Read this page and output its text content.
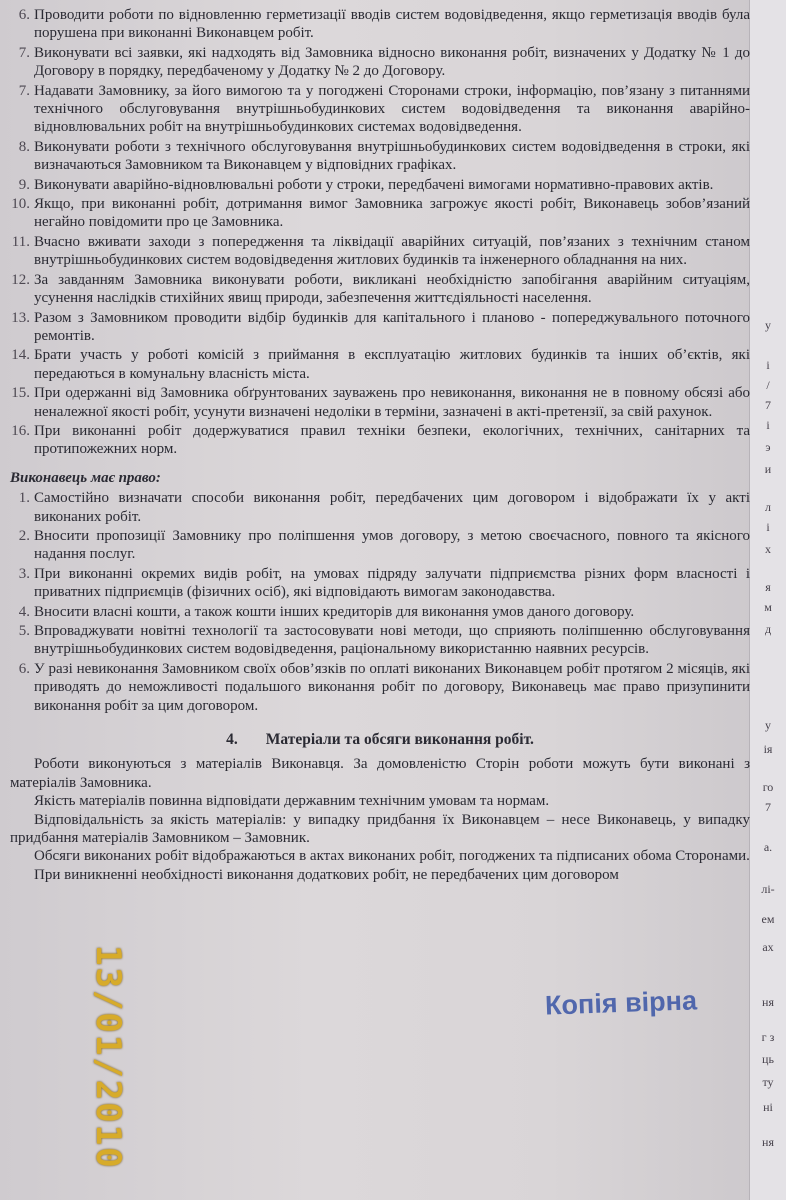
у
і
/
7
і
э
и
л
і
х
я
м
д
у
ія
го
7
а.
лі-
ем
ах
ня
г з
ць
ту
ні
ня
6. Проводити роботи по відновленню герметизації вводів систем водовідведення, якщо герметизація вводів була порушена при виконанні Виконавцем робіт.
7. Виконувати всі заявки, які надходять від Замовника відносно виконання робіт, визначених у Додатку № 1 до Договору в порядку, передбаченому у Додатку № 2 до Договору.
7. Надавати Замовнику, за його вимогою та у погоджені Сторонами строки, інформацію, пов’язану з питаннями технічного обслуговування внутрішньобудинкових систем водовідведення та виконання аварійно-відновлювальних робіт на внутрішньобудинкових системах водовідведення.
8. Виконувати роботи з технічного обслуговування внутрішньобудинкових систем водовідведення в строки, які визначаються Замовником та Виконавцем у відповідних графіках.
9. Виконувати аварійно-відновлювальні роботи у строки, передбачені вимогами нормативно-правових актів.
10. Якщо, при виконанні робіт, дотримання вимог Замовника загрожує якості робіт, Виконавець зобов’язаний негайно повідомити про це Замовника.
11. Вчасно вживати заходи з попередження та ліквідації аварійних ситуацій, пов’язаних з технічним станом внутрішньобудинкових систем водовідведення житлових будинків та інженерного обладнання на них.
12. За завданням Замовника виконувати роботи, викликані необхідністю запобігання аварійним ситуаціям, усунення наслідків стихійних явищ природи, забезпечення життєдіяльності населення.
13. Разом з Замовником проводити відбір будинків для капітального і планово - попереджувального поточного ремонтів.
14. Брати участь у роботі комісій з приймання в експлуатацію житлових будинків та інших об’єктів, які передаються в комунальну власність міста.
15. При одержанні від Замовника обґрунтованих зауважень про невиконання, виконання не в повному обсязі або неналежної якості робіт, усунути визначені недоліки в терміни, зазначені в акті-претензії, за свій рахунок.
16. При виконанні робіт додержуватися правил техніки безпеки, екологічних, технічних, санітарних та протипожежних норм.
Виконавець має право:
1. Самостійно визначати способи виконання робіт, передбачених цим договором і відображати їх у акті виконаних робіт.
2. Вносити пропозиції Замовнику про поліпшення умов договору, з метою своєчасного, повного та якісного надання послуг.
3. При виконанні окремих видів робіт, на умовах підряду залучати підприємства різних форм власності і приватних підприємців (фізичних осіб), які відповідають вимогам законодавства.
4. Вносити власні кошти, а також кошти інших кредиторів для виконання умов даного договору.
5. Впроваджувати новітні технології та застосовувати нові методи, що сприяють поліпшенню обслуговування внутрішньобудинкових систем водовідведення, раціональному використанню наявних ресурсів.
6. У разі невиконання Замовником своїх обов’язків по оплаті виконаних Виконавцем робіт протягом 2 місяців, які приводять до неможливості подальшого виконання робіт по договору, Виконавець має право призупинити виконання робіт за цим договором.
4. Матеріали та обсяги виконання робіт.
Роботи виконуються з матеріалів Виконавця. За домовленістю Сторін роботи можуть бути виконані з матеріалів Замовника.
Якість матеріалів повинна відповідати державним технічним умовам та нормам.
Відповідальність за якість матеріалів: у випадку придбання їх Виконавцем – несе Виконавець, у випадку придбання матеріалів Замовником – Замовник.
Обсяги виконаних робіт відображаються в актах виконаних робіт, погоджених та підписаних обома Сторонами.
При виникненні необхідності виконання додаткових робіт, не передбачених цим договором
13/01/2010	Копія вірна
